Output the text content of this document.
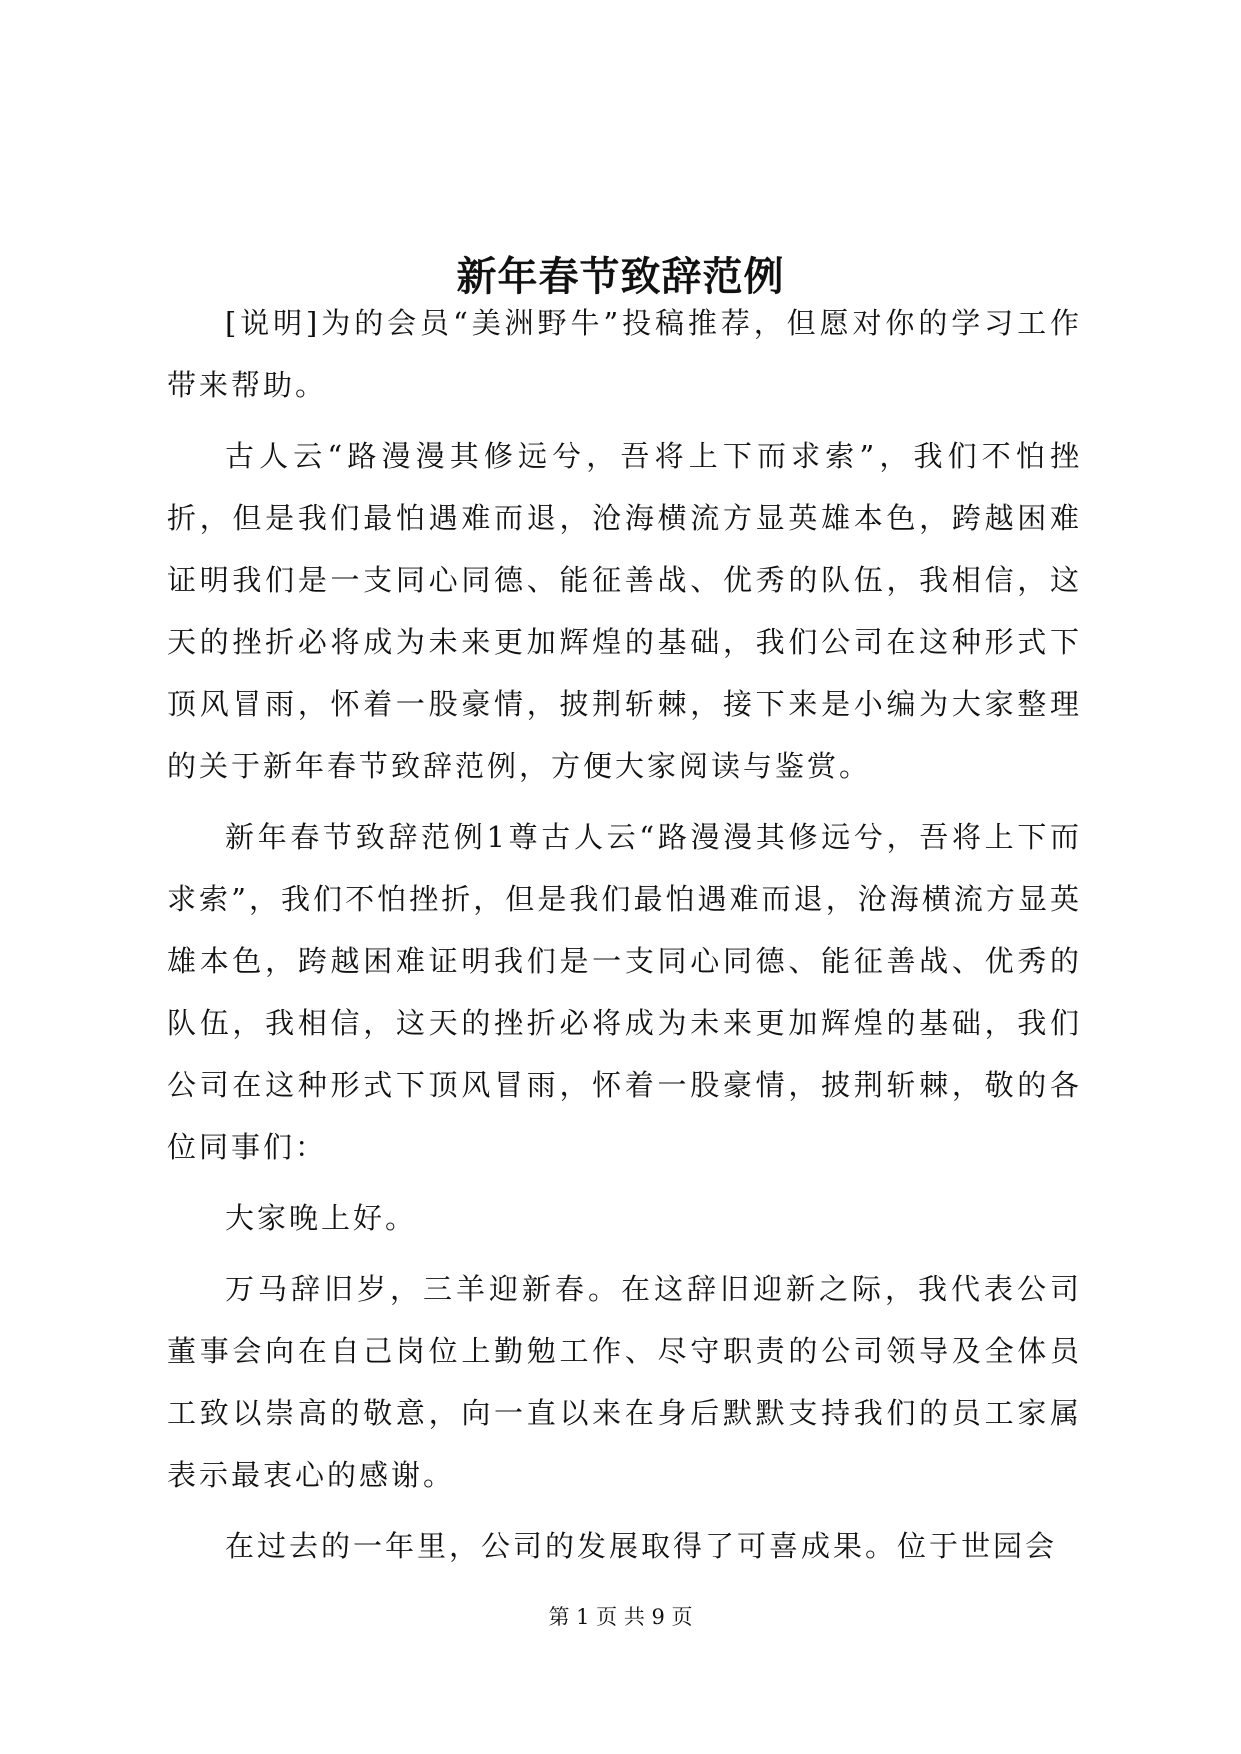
新年春节致辞范例

[说明]为的会员“美洲野牛”投稿推荐，但愿对你的学习工作带来帮助。

古人云“路漫漫其修远兮，吾将上下而求索”，我们不怕挫折，但是我们最怕遇难而退，沧海横流方显英雄本色，跨越困难证明我们是一支同心同德、能征善战、优秀的队伍，我相信，这天的挫折必将成为未来更加辉煌的基础，我们公司在这种形式下顶风冒雨，怀着一股豪情，披荆斩棘，接下来是小编为大家整理的关于新年春节致辞范例，方便大家阅读与鉴赏。

新年春节致辞范例1尊古人云“路漫漫其修远兮，吾将上下而求索”，我们不怕挫折，但是我们最怕遇难而退，沧海横流方显英雄本色，跨越困难证明我们是一支同心同德、能征善战、优秀的队伍，我相信，这天的挫折必将成为未来更加辉煌的基础，我们公司在这种形式下顶风冒雨，怀着一股豪情，披荆斩棘，敬的各位同事们：

大家晚上好。

万马辞旧岁，三羊迎新春。在这辞旧迎新之际，我代表公司董事会向在自己岗位上勤勉工作、尽守职责的公司领导及全体员工致以崇高的敬意，向一直以来在身后默默支持我们的员工家属表示最衷心的感谢。

在过去的一年里，公司的发展取得了可喜成果。位于世园会

第 1 页 共 9 页
